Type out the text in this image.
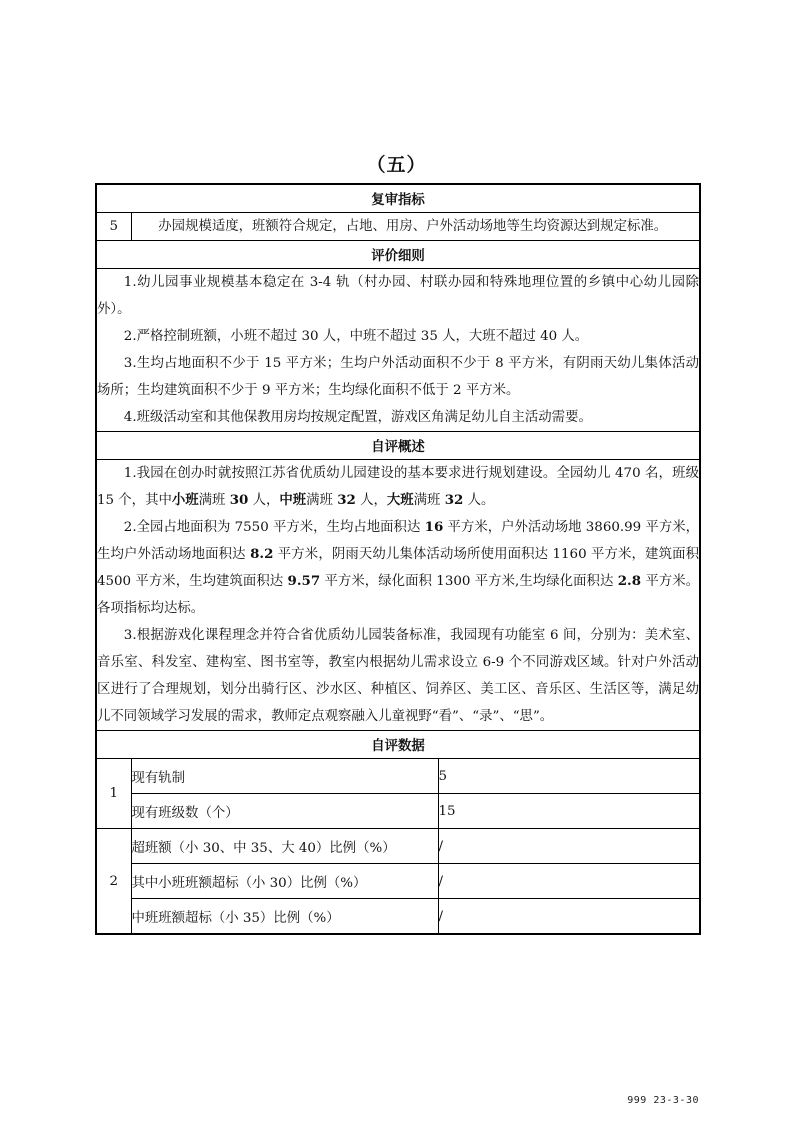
（五）
复审指标		
5	办园规模适度，班额符合规定，占地、用房、户外活动场地等生均资源达到规定标准。	

评价细则		

1.幼儿园事业规模基本稳定在 3-4 轨（村办园、村联办园和特殊地理位置的乡镇中心幼儿园除外）。

2.严格控制班额，小班不超过 30 人，中班不超过 35 人，大班不超过 40 人。

3.生均占地面积不少于 15 平方米；生均户外活动面积不少于 8 平方米，有阴雨天幼儿集体活动场所；生均建筑面积不少于 9 平方米；生均绿化面积不低于 2 平方米。

4.班级活动室和其他保教用房均按规定配置，游戏区角满足幼儿自主活动需要。		

自评概述		

1.我园在创办时就按照江苏省优质幼儿园建设的基本要求进行规划建设。全园幼儿 470 名，班级 15 个，其中小班满班 30 人，中班满班 32 人，大班满班 32 人。

2.全园占地面积为 7550 平方米，生均占地面积达 16 平方米，户外活动场地 3860.99 平方米，生均户外活动场地面积达 8.2 平方米，阴雨天幼儿集体活动场所使用面积达 1160 平方米，建筑面积 4500 平方米，生均建筑面积达 9.57 平方米，绿化面积 1300 平方米,生均绿化面积达 2.8 平方米。各项指标均达标。

3.根据游戏化课程理念并符合省优质幼儿园装备标准，我园现有功能室 6 间，分别为：美术室、音乐室、科发室、建构室、图书室等，教室内根据幼儿需求设立 6-9 个不同游戏区域。针对户外活动区进行了合理规划，划分出骑行区、沙水区、种植区、饲养区、美工区、音乐区、生活区等，满足幼儿不同领域学习发展的需求，教师定点观察融入儿童视野“看”、“录”、“思”。		

自评数据		
1	现有轨制	5
	现有班级数（个）	15
2	超班额（小 30、中 35、大 40）比例（%）	/
	其中小班班额超标（小 30）比例（%）	/
	中班班额超标（小 35）比例（%）	/
999 23-3-30
